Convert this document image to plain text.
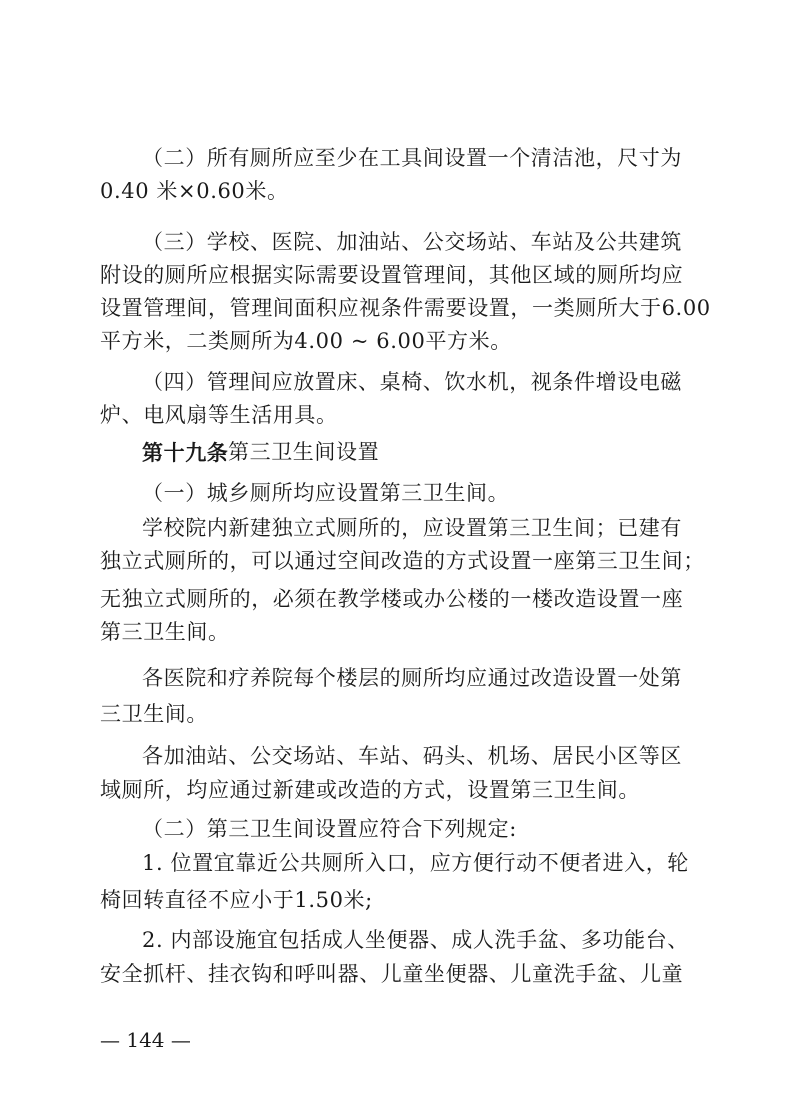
（二）所有厕所应至少在工具间设置一个清洁池，尺寸为
0.40 米×0.60米。
（三）学校、医院、加油站、公交场站、车站及公共建筑
附设的厕所应根据实际需要设置管理间，其他区域的厕所均应
设置管理间，管理间面积应视条件需要设置，一类厕所大于6.00
平方米，二类厕所为4.00 ~ 6.00平方米。
（四）管理间应放置床、桌椅、饮水机，视条件增设电磁
炉、电风扇等生活用具。
第十九条 第三卫生间设置
（一）城乡厕所均应设置第三卫生间。
学校院内新建独立式厕所的，应设置第三卫生间；已建有
独立式厕所的，可以通过空间改造的方式设置一座第三卫生间；
无独立式厕所的，必须在教学楼或办公楼的一楼改造设置一座
第三卫生间。
各医院和疗养院每个楼层的厕所均应通过改造设置一处第
三卫生间。
各加油站、公交场站、车站、码头、机场、居民小区等区
域厕所，均应通过新建或改造的方式，设置第三卫生间。
（二）第三卫生间设置应符合下列规定:
1. 位置宜靠近公共厕所入口，应方便行动不便者进入，轮
椅回转直径不应小于1.50米;
2. 内部设施宜包括成人坐便器、成人洗手盆、多功能台、
安全抓杆、挂衣钩和呼叫器、儿童坐便器、儿童洗手盆、儿童
— 144 —
